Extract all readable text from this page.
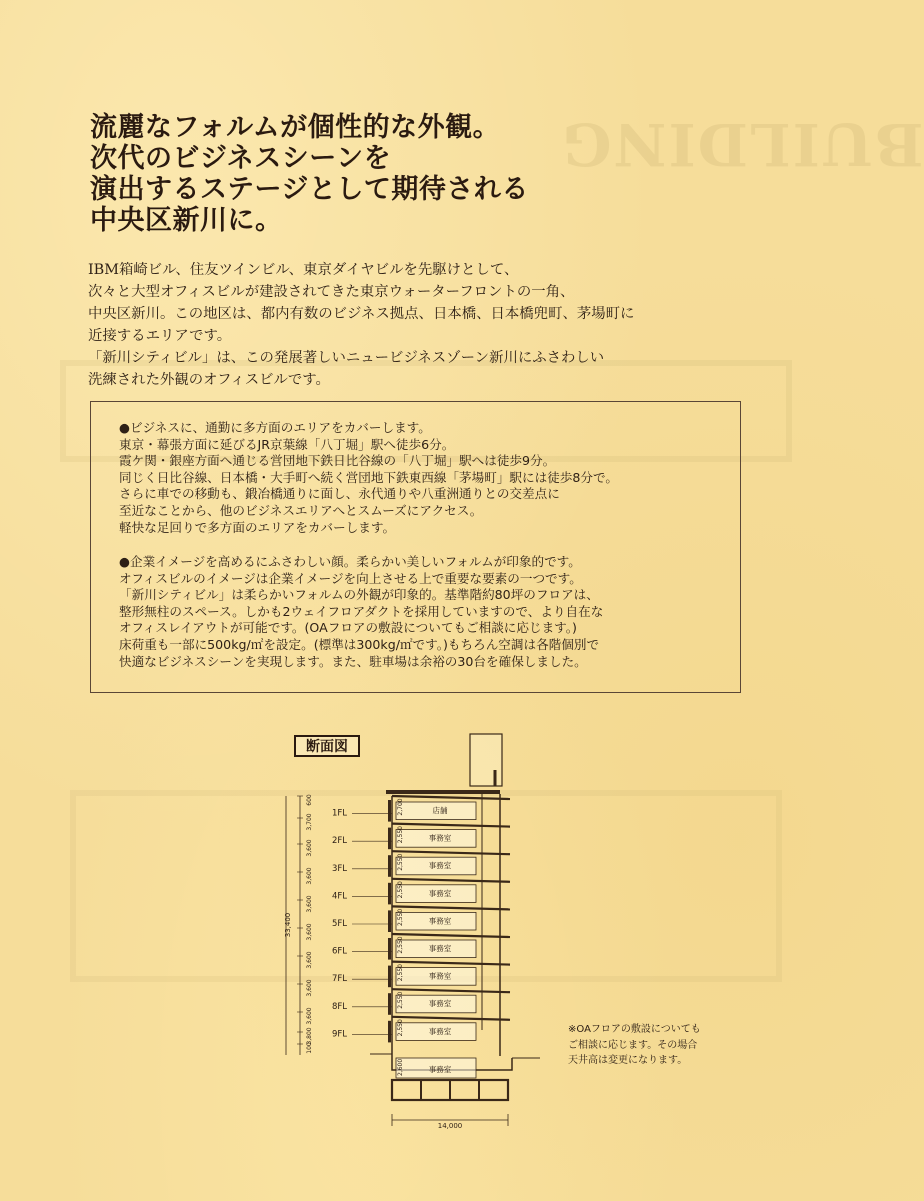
BUILDING
流麗なフォルムが個性的な外観。
次代のビジネスシーンを
演出するステージとして期待される
中央区新川に。
IBM箱崎ビル、住友ツインビル、東京ダイヤビルを先駆けとして、
次々と大型オフィスビルが建設されてきた東京ウォーターフロントの一角、
中央区新川。この地区は、都内有数のビジネス拠点、日本橋、日本橋兜町、茅場町に
近接するエリアです。
「新川シティビル」は、この発展著しいニュービジネスゾーン新川にふさわしい
洗練された外観のオフィスビルです。
●ビジネスに、通勤に多方面のエリアをカバーします。
東京・幕張方面に延びるJR京葉線「八丁堀」駅へ徒歩6分。
霞ケ関・銀座方面へ通じる営団地下鉄日比谷線の「八丁堀」駅へは徒歩9分。
同じく日比谷線、日本橋・大手町へ続く営団地下鉄東西線「茅場町」駅には徒歩8分で。
さらに車での移動も、鍛冶橋通りに面し、永代通りや八重洲通りとの交差点に
至近なことから、他のビジネスエリアへとスムーズにアクセス。
軽快な足回りで多方面のエリアをカバーします。
●企業イメージを高めるにふさわしい顔。柔らかい美しいフォルムが印象的です。
オフィスビルのイメージは企業イメージを向上させる上で重要な要素の一つです。
「新川シティビル」は柔らかいフォルムの外観が印象的。基準階約80坪のフロアは、
整形無柱のスペース。しかも2ウェイフロアダクトを採用していますので、より自在な
オフィスレイアウトが可能です。(OAフロアの敷設についてもご相談に応じます。)
床荷重も一部に500kg/㎡を設定。(標準は300kg/㎡です。)もちろん空調は各階個別で
快適なビジネスシーンを実現します。また、駐車場は余裕の30台を確保しました。
断面図
1FL	店舗
2,700
2FL	事務室
2,550
3FL	事務室
2,550
4FL	事務室
2,550
5FL	事務室
2,550
6FL	事務室
2,550
7FL	事務室
2,550
8FL	事務室
2,550
9FL	事務室
2,550
事務室
2,600
33,400
600
3,700
3,600
3,600
3,600
3,600
3,600
3,600
3,600
3,800
100
14,000
※OAフロアの敷設についても
ご相談に応じます。その場合
天井高は変更になります。
